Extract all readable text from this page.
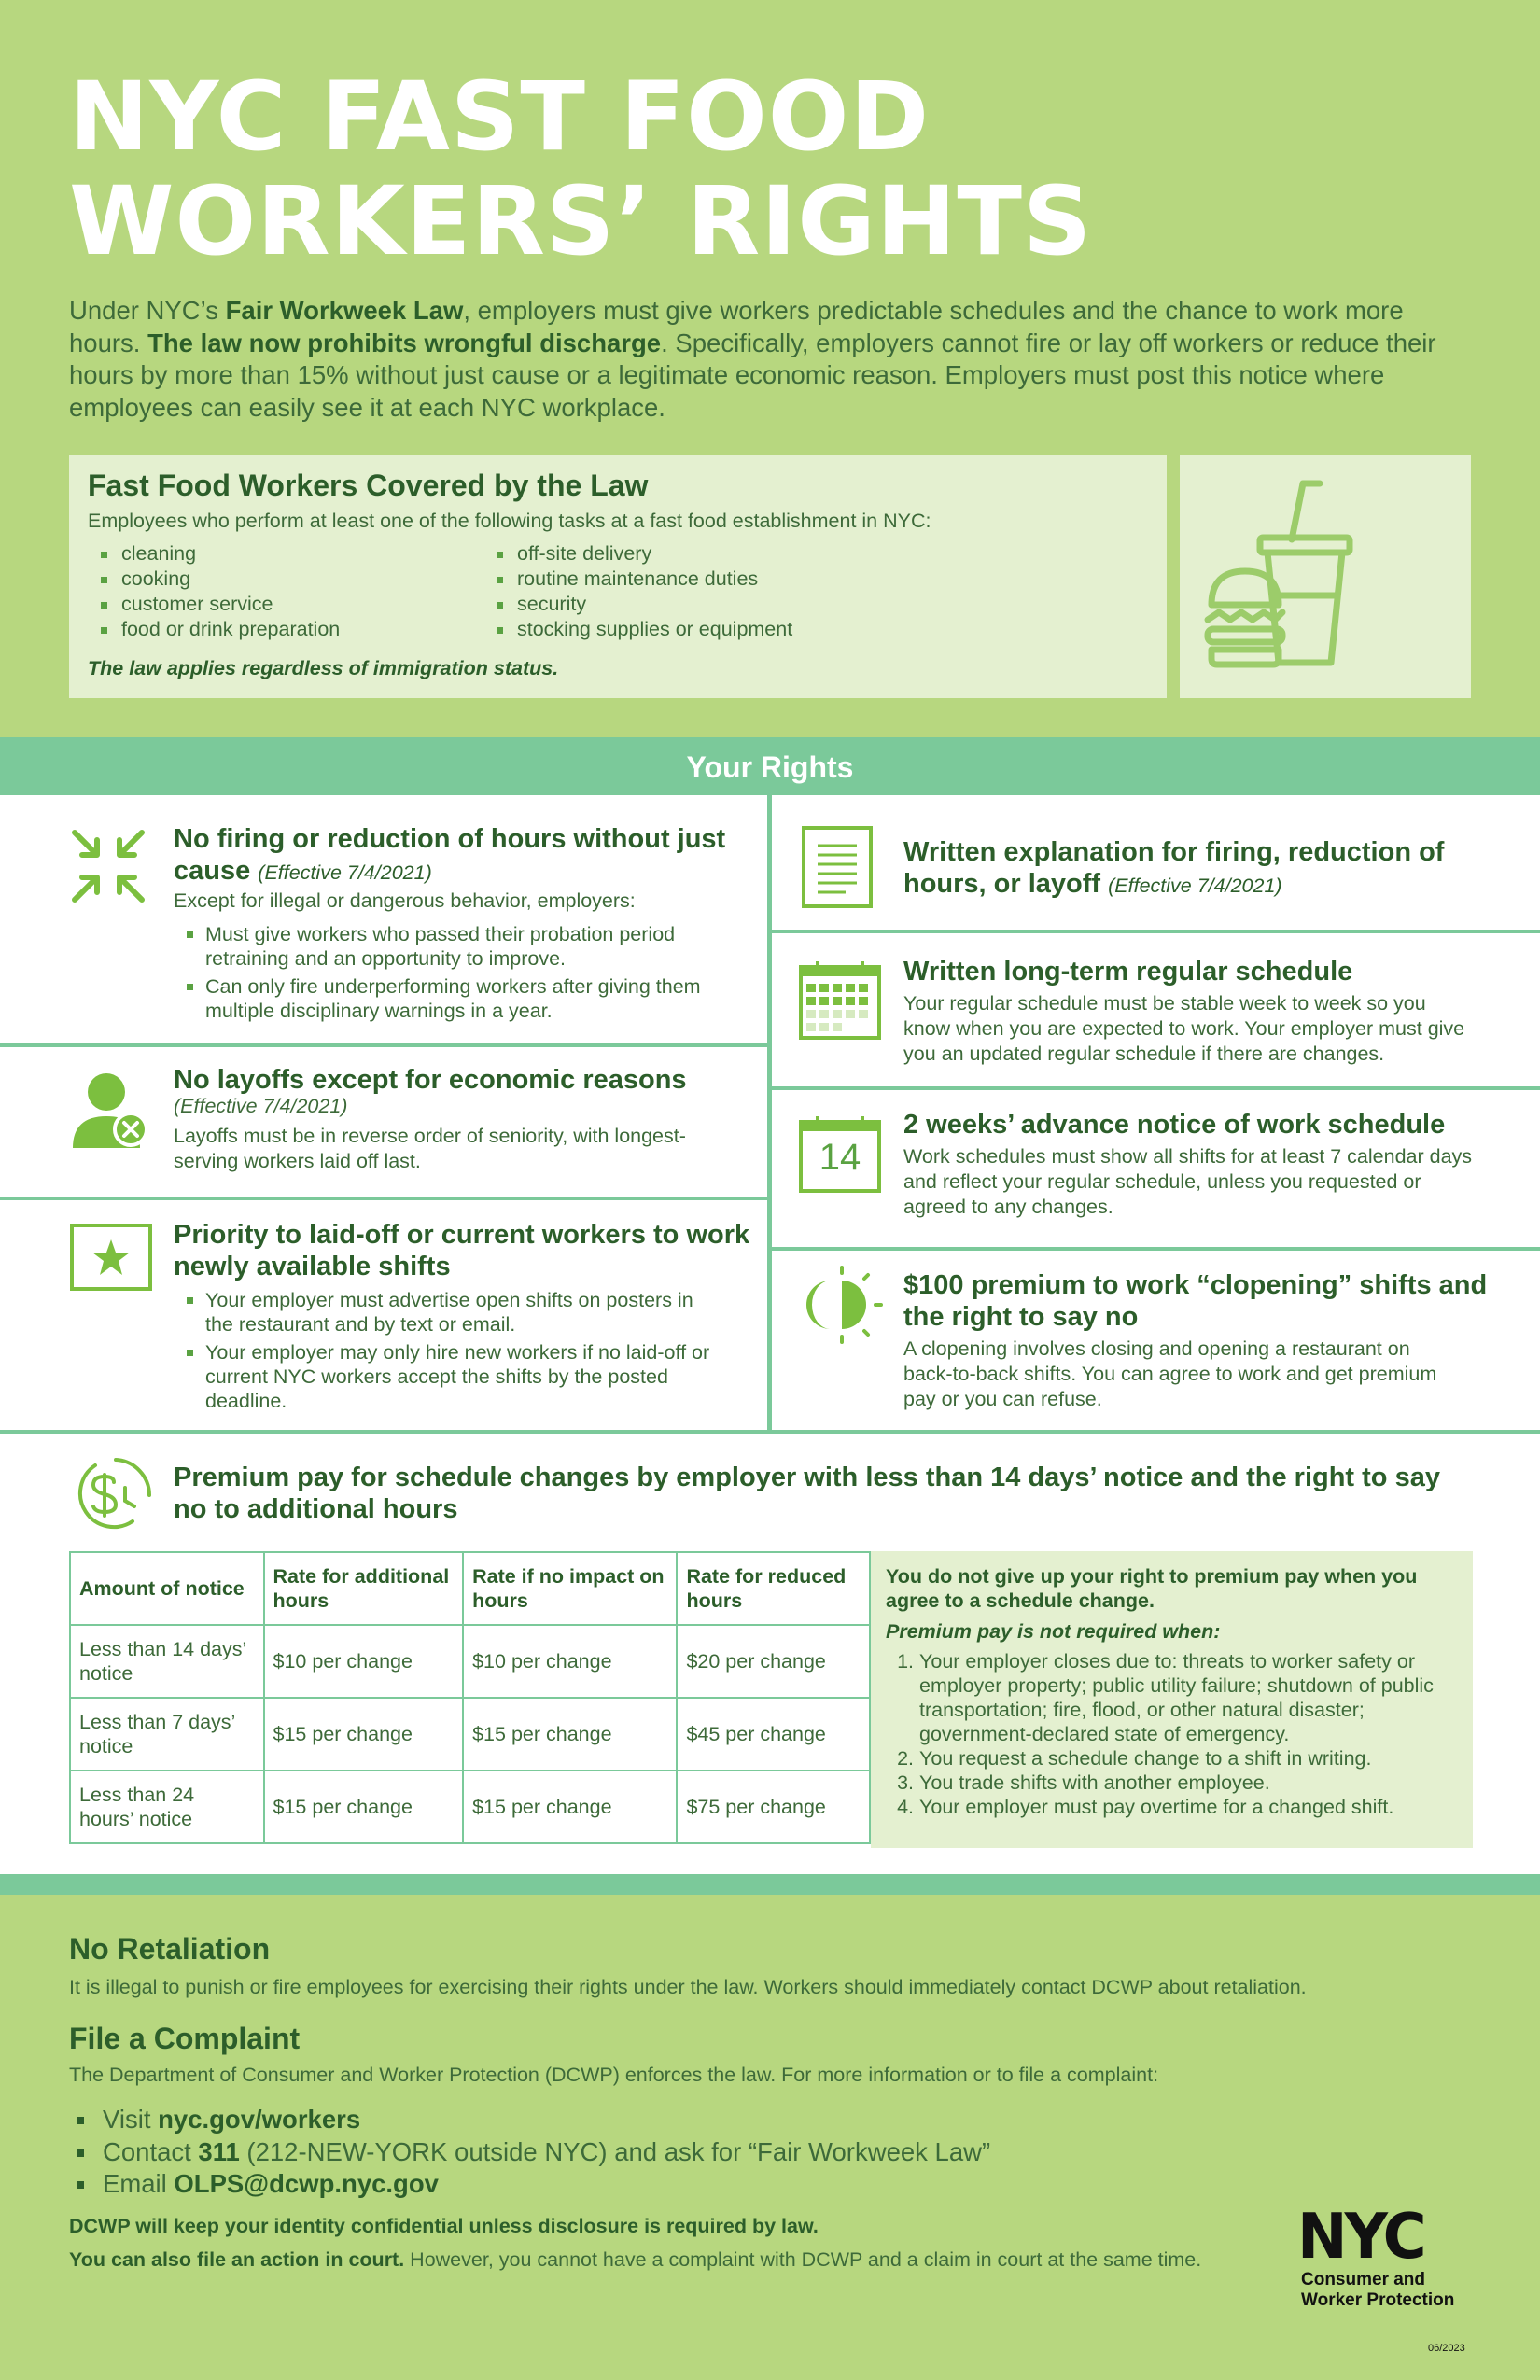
NYC FAST FOOD
WORKERS’ RIGHTS

Under NYC’s Fair Workweek Law, employers must give workers predictable schedules and the chance to work more hours. The law now prohibits wrongful discharge. Specifically, employers cannot fire or lay off workers or reduce their hours by more than 15% without just cause or a legitimate economic reason. Employers must post this notice where employees can easily see it at each NYC workplace.

Fast Food Workers Covered by the Law
Employees who perform at least one of the following tasks at a fast food establishment in NYC:
cleaning
cooking
customer service
food or drink preparation
off-site delivery
routine maintenance duties
security
stocking supplies or equipment
The law applies regardless of immigration status.
Your Rights
No firing or reduction of hours without just cause (Effective 7/4/2021)
Except for illegal or dangerous behavior, employers:
Must give workers who passed their probation period retraining and an opportunity to improve.
Can only fire underperforming workers after giving them multiple disciplinary warnings in a year.
No layoffs except for economic reasons
(Effective 7/4/2021)
Layoffs must be in reverse order of seniority, with longest-serving workers laid off last.
Priority to laid-off or current workers to work newly available shifts
Your employer must advertise open shifts on posters in the restaurant and by text or email.
Your employer may only hire new workers if no laid-off or current NYC workers accept the shifts by the posted deadline.
Written explanation for firing, reduction of hours, or layoff (Effective 7/4/2021)
Written long-term regular schedule
Your regular schedule must be stable week to week so you know when you are expected to work. Your employer must give you an updated regular schedule if there are changes.
14
2 weeks’ advance notice of work schedule
Work schedules must show all shifts for at least 7 calendar days and reflect your regular schedule, unless you requested or agreed to any changes.
$100 premium to work “clopening” shifts and the right to say no
A clopening involves closing and opening a restaurant on back-to-back shifts. You can agree to work and get premium pay or you can refuse.
Premium pay for schedule changes by employer with less than 14 days’ notice and the right to say no to additional hours
Amount of notice	Rate for additional hours	Rate if no impact on hours	Rate for reduced hours
Less than 14 days’ notice	$10 per change	$10 per change	$20 per change
Less than 7 days’ notice	$15 per change	$15 per change	$45 per change
Less than 24 hours’ notice	$15 per change	$15 per change	$75 per change
You do not give up your right to premium pay when you agree to a schedule change.
Premium pay is not required when:
1. Your employer closes due to: threats to worker safety or employer property; public utility failure; shutdown of public transportation; fire, flood, or other natural disaster; government-declared state of emergency.
2. You request a schedule change to a shift in writing.
3. You trade shifts with another employee.
4. Your employer must pay overtime for a changed shift.
No Retaliation
It is illegal to punish or fire employees for exercising their rights under the law. Workers should immediately contact DCWP about retaliation.
File a Complaint
The Department of Consumer and Worker Protection (DCWP) enforces the law. For more information or to file a complaint:
Visit nyc.gov/workers
Contact 311 (212-NEW-YORK outside NYC) and ask for “Fair Workweek Law”
Email OLPS@dcwp.nyc.gov
DCWP will keep your identity confidential unless disclosure is required by law.
You can also file an action in court. However, you cannot have a complaint with DCWP and a claim in court at the same time.	NYC
Consumer and
Worker Protection
06/2023
